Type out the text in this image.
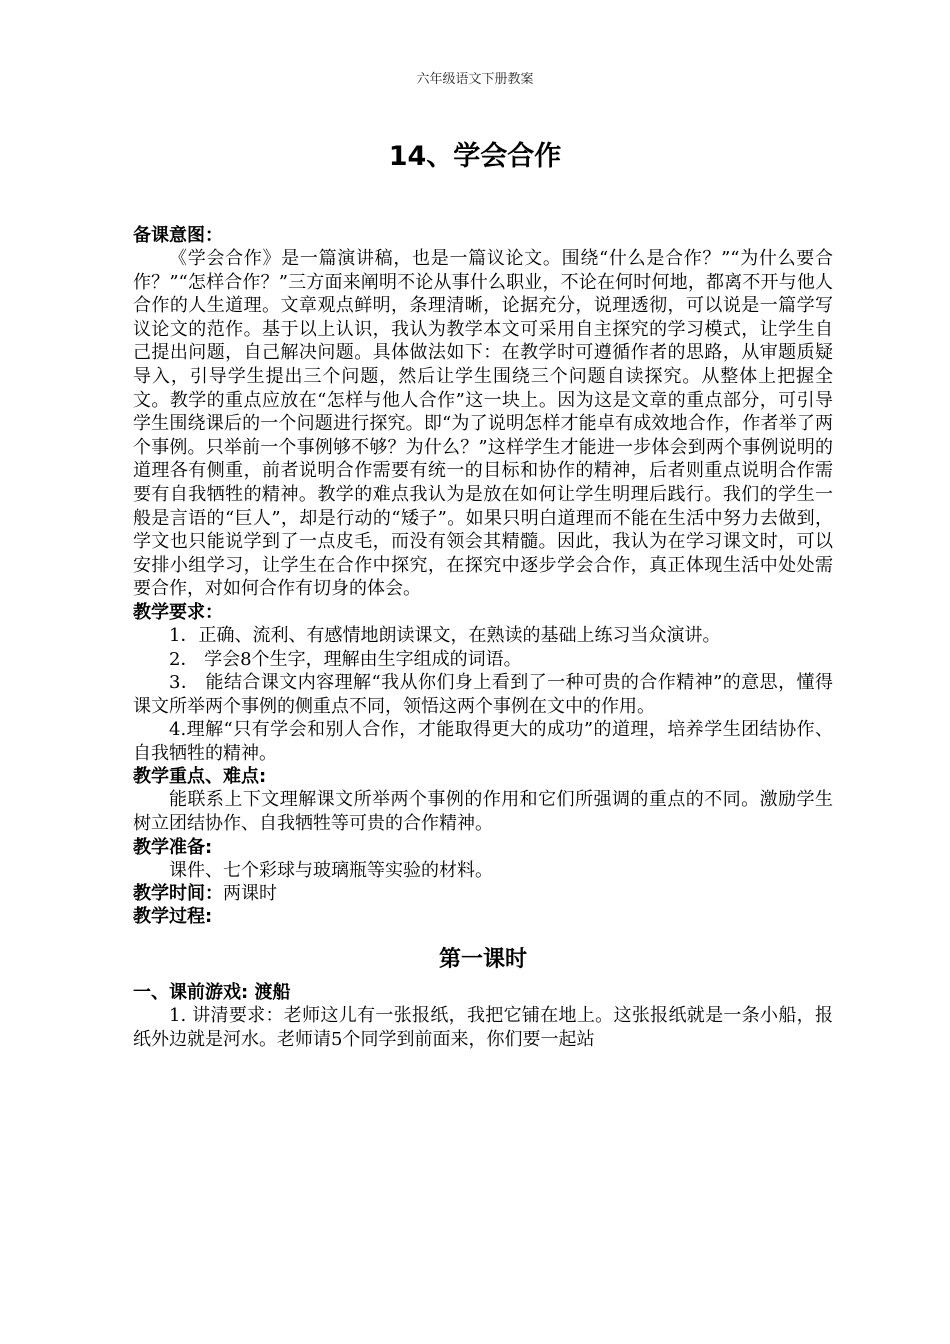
六年级语文下册教案
14、学会合作
备课意图：

《学会合作》是一篇演讲稿，也是一篇议论文。围绕“什么是合作？”“为什么要合作？”“怎样合作？”三方面来阐明不论从事什么职业，不论在何时何地，都离不开与他人合作的人生道理。文章观点鲜明，条理清晰，论据充分，说理透彻，可以说是一篇学写议论文的范作。基于以上认识，我认为教学本文可采用自主探究的学习模式，让学生自己提出问题，自己解决问题。具体做法如下：在教学时可遵循作者的思路，从审题质疑导入，引导学生提出三个问题，然后让学生围绕三个问题自读探究。从整体上把握全文。教学的重点应放在“怎样与他人合作”这一块上。因为这是文章的重点部分，可引导学生围绕课后的一个问题进行探究。即“为了说明怎样才能卓有成效地合作，作者举了两个事例。只举前一个事例够不够？为什么？”这样学生才能进一步体会到两个事例说明的道理各有侧重，前者说明合作需要有统一的目标和协作的精神，后者则重点说明合作需要有自我牺牲的精神。教学的难点我认为是放在如何让学生明理后践行。我们的学生一般是言语的“巨人”，却是行动的“矮子”。如果只明白道理而不能在生活中努力去做到，学文也只能说学到了一点皮毛，而没有领会其精髓。因此，我认为在学习课文时，可以安排小组学习，让学生在合作中探究，在探究中逐步学会合作，真正体现生活中处处需要合作，对如何合作有切身的体会。

教学要求：

1．正确、流利、有感情地朗读课文，在熟读的基础上练习当众演讲。

2． 学会8个生字，理解由生字组成的词语。

3． 能结合课文内容理解“我从你们身上看到了一种可贵的合作精神”的意思，懂得课文所举两个事例的侧重点不同，领悟这两个事例在文中的作用。

4.理解“只有学会和别人合作，才能取得更大的成功”的道理，培养学生团结协作、自我牺牲的精神。

教学重点、难点:

能联系上下文理解课文所举两个事例的作用和它们所强调的重点的不同。激励学生树立团结协作、自我牺牲等可贵的合作精神。

教学准备:

课件、七个彩球与玻璃瓶等实验的材料。

教学时间：两课时
教学过程:
第一课时
一、课前游戏: 渡船

1. 讲清要求：老师这儿有一张报纸，我把它铺在地上。这张报纸就是一条小船，报纸外边就是河水。老师请5个同学到前面来，你们要一起站
